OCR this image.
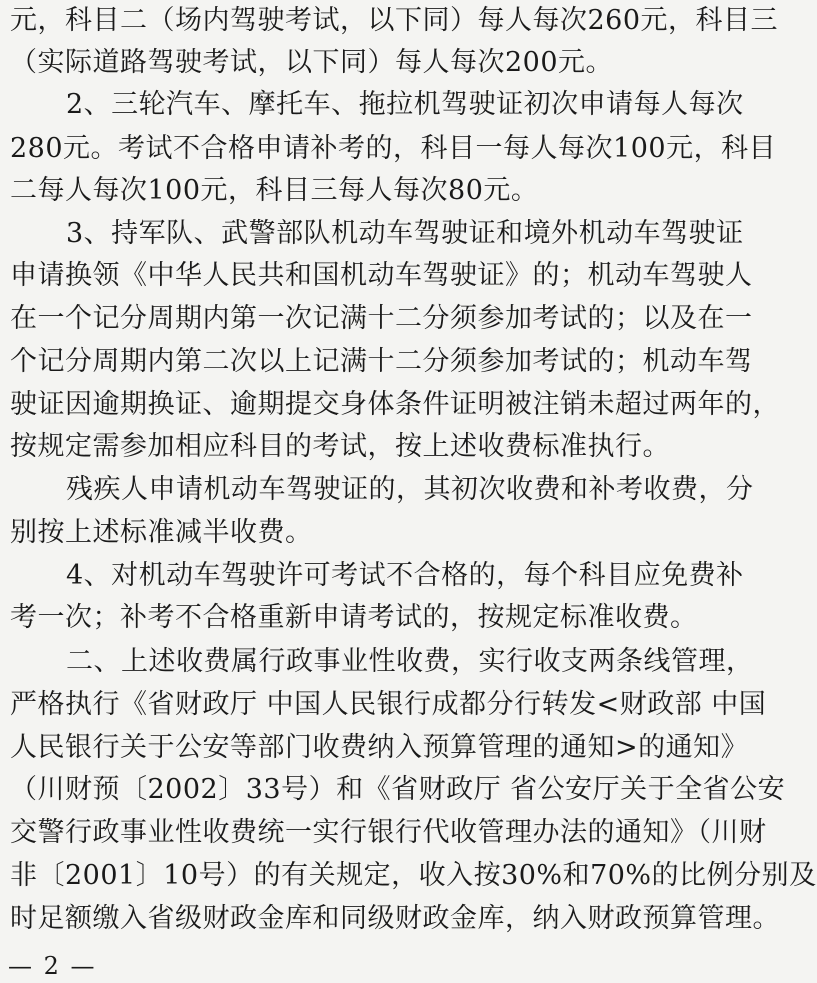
元，科目二（场内驾驶考试，以下同）每人每次260元，科目三
（实际道路驾驶考试，以下同）每人每次200元。
2、三轮汽车、摩托车、拖拉机驾驶证初次申请每人每次
280元。考试不合格申请补考的，科目一每人每次100元，科目
二每人每次100元，科目三每人每次80元。
3、持军队、武警部队机动车驾驶证和境外机动车驾驶证
申请换领《中华人民共和国机动车驾驶证》的；机动车驾驶人
在一个记分周期内第一次记满十二分须参加考试的；以及在一
个记分周期内第二次以上记满十二分须参加考试的；机动车驾
驶证因逾期换证、逾期提交身体条件证明被注销未超过两年的，
按规定需参加相应科目的考试，按上述收费标准执行。
残疾人申请机动车驾驶证的，其初次收费和补考收费，分
别按上述标准减半收费。
4、对机动车驾驶许可考试不合格的，每个科目应免费补
考一次；补考不合格重新申请考试的，按规定标准收费。
二、上述收费属行政事业性收费，实行收支两条线管理，
严格执行《省财政厅 中国人民银行成都分行转发<财政部 中国
人民银行关于公安等部门收费纳入预算管理的通知>的通知》
（川财预〔2002〕33号）和《省财政厅 省公安厅关于全省公安
交警行政事业性收费统一实行银行代收管理办法的通知》（川财
非〔2001〕10号）的有关规定，收入按30%和70%的比例分别及
时足额缴入省级财政金库和同级财政金库，纳入财政预算管理。
— 2 —
